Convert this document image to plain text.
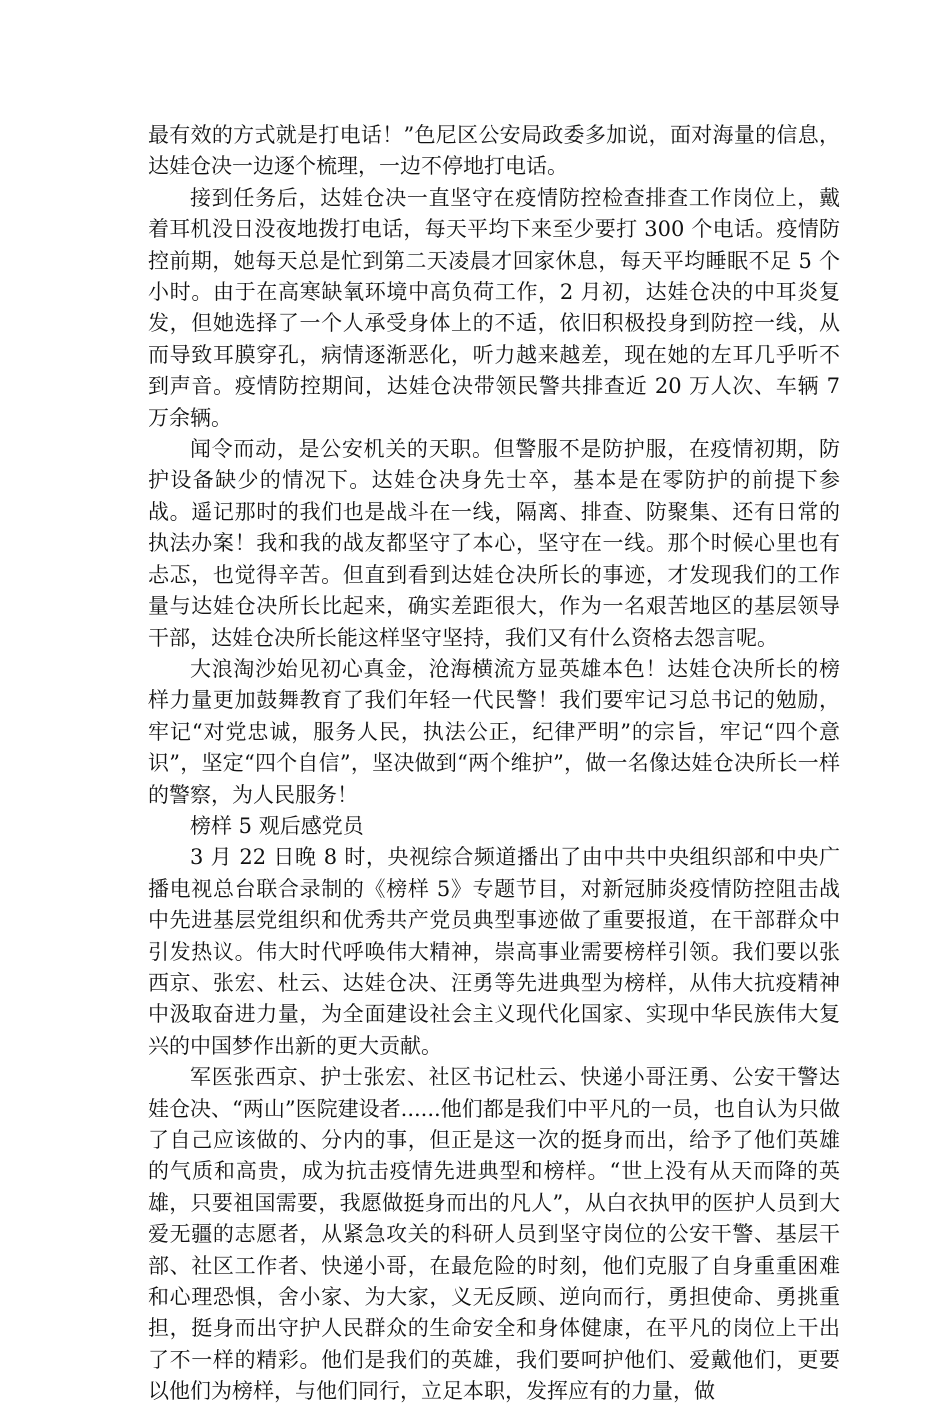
最有效的方式就是打电话！”色尼区公安局政委多加说，面对海量的信息，达娃仓决一边逐个梳理，一边不停地打电话。

接到任务后，达娃仓决一直坚守在疫情防控检查排查工作岗位上，戴着耳机没日没夜地拨打电话，每天平均下来至少要打 300 个电话。疫情防控前期，她每天总是忙到第二天凌晨才回家休息，每天平均睡眠不足 5 个小时。由于在高寒缺氧环境中高负荷工作，2 月初，达娃仓决的中耳炎复发，但她选择了一个人承受身体上的不适，依旧积极投身到防控一线，从而导致耳膜穿孔，病情逐渐恶化，听力越来越差，现在她的左耳几乎听不到声音。疫情防控期间，达娃仓决带领民警共排查近 20 万人次、车辆 7 万余辆。

闻令而动，是公安机关的天职。但警服不是防护服，在疫情初期，防护设备缺少的情况下。达娃仓决身先士卒，基本是在零防护的前提下参战。遥记那时的我们也是战斗在一线，隔离、排查、防聚集、还有日常的执法办案！我和我的战友都坚守了本心，坚守在一线。那个时候心里也有忐忑，也觉得辛苦。但直到看到达娃仓决所长的事迹，才发现我们的工作量与达娃仓决所长比起来，确实差距很大，作为一名艰苦地区的基层领导干部，达娃仓决所长能这样坚守坚持，我们又有什么资格去怨言呢。

大浪淘沙始见初心真金，沧海横流方显英雄本色！达娃仓决所长的榜样力量更加鼓舞教育了我们年轻一代民警！我们要牢记习总书记的勉励，牢记“对党忠诚，服务人民，执法公正，纪律严明”的宗旨，牢记“四个意识”，坚定“四个自信”，坚决做到“两个维护”，做一名像达娃仓决所长一样的警察，为人民服务！

榜样 5 观后感党员

3 月 22 日晚 8 时，央视综合频道播出了由中共中央组织部和中央广播电视总台联合录制的《榜样 5》专题节目，对新冠肺炎疫情防控阻击战中先进基层党组织和优秀共产党员典型事迹做了重要报道，在干部群众中引发热议。伟大时代呼唤伟大精神，崇高事业需要榜样引领。我们要以张西京、张宏、杜云、达娃仓决、汪勇等先进典型为榜样，从伟大抗疫精神中汲取奋进力量，为全面建设社会主义现代化国家、实现中华民族伟大复兴的中国梦作出新的更大贡献。

军医张西京、护士张宏、社区书记杜云、快递小哥汪勇、公安干警达娃仓决、“两山”医院建设者......他们都是我们中平凡的一员，也自认为只做了自己应该做的、分内的事，但正是这一次的挺身而出，给予了他们英雄的气质和高贵，成为抗击疫情先进典型和榜样。“世上没有从天而降的英雄，只要祖国需要，我愿做挺身而出的凡人”，从白衣执甲的医护人员到大爱无疆的志愿者，从紧急攻关的科研人员到坚守岗位的公安干警、基层干部、社区工作者、快递小哥，在最危险的时刻，他们克服了自身重重困难和心理恐惧，舍小家、为大家，义无反顾、逆向而行，勇担使命、勇挑重担，挺身而出守护人民群众的生命安全和身体健康，在平凡的岗位上干出了不一样的精彩。他们是我们的英雄，我们要呵护他们、爱戴他们，更要以他们为榜样，与他们同行，立足本职，发挥应有的力量，做
